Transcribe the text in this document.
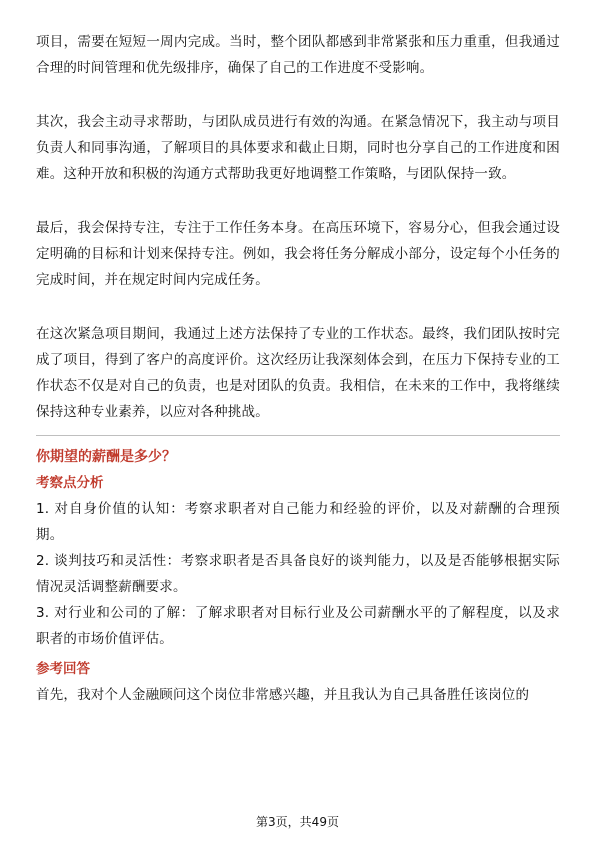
项目，需要在短短一周内完成。当时，整个团队都感到非常紧张和压力重重，但我通过合理的时间管理和优先级排序，确保了自己的工作进度不受影响。

其次，我会主动寻求帮助，与团队成员进行有效的沟通。在紧急情况下，我主动与项目负责人和同事沟通，了解项目的具体要求和截止日期，同时也分享自己的工作进度和困难。这种开放和积极的沟通方式帮助我更好地调整工作策略，与团队保持一致。

最后，我会保持专注，专注于工作任务本身。在高压环境下，容易分心，但我会通过设定明确的目标和计划来保持专注。例如，我会将任务分解成小部分，设定每个小任务的完成时间，并在规定时间内完成任务。

在这次紧急项目期间，我通过上述方法保持了专业的工作状态。最终，我们团队按时完成了项目，得到了客户的高度评价。这次经历让我深刻体会到，在压力下保持专业的工作状态不仅是对自己的负责，也是对团队的负责。我相信，在未来的工作中，我将继续保持这种专业素养，以应对各种挑战。

你期望的薪酬是多少？
考察点分析

1. 对自身价值的认知：考察求职者对自己能力和经验的评价，以及对薪酬的合理预期。

2. 谈判技巧和灵活性：考察求职者是否具备良好的谈判能力，以及是否能够根据实际情况灵活调整薪酬要求。

3. 对行业和公司的了解：了解求职者对目标行业及公司薪酬水平的了解程度，以及求职者的市场价值评估。

参考回答

首先，我对个人金融顾问这个岗位非常感兴趣，并且我认为自己具备胜任该岗位的

第3页，共49页
